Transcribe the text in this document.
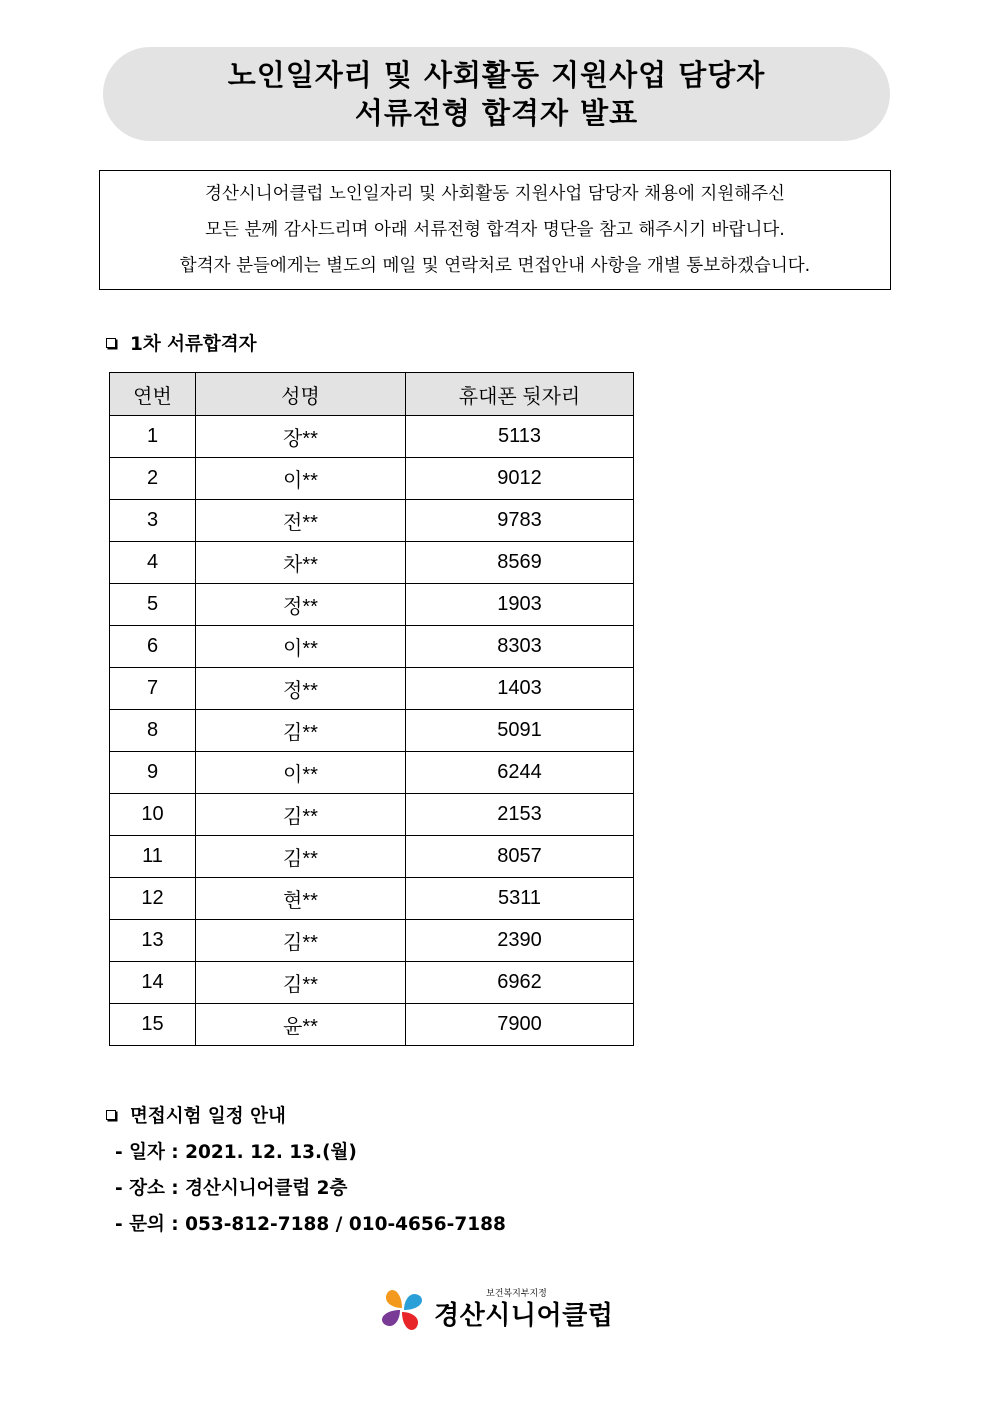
노인일자리 및 사회활동 지원사업 담당자
서류전형 합격자 발표
경산시니어클럽 노인일자리 및 사회활동 지원사업 담당자 채용에 지원해주신
모든 분께 감사드리며 아래 서류전형 합격자 명단을 참고 해주시기 바랍니다.
합격자 분들에게는 별도의 메일 및 연락처로 면접안내 사항을 개별 통보하겠습니다.
1차 서류합격자
연번	성명	휴대폰 뒷자리
1	장**	5113
2	이**	9012
3	전**	9783
4	차**	8569
5	정**	1903
6	이**	8303
7	정**	1403
8	김**	5091
9	이**	6244
10	김**	2153
11	김**	8057
12	현**	5311
13	김**	2390
14	김**	6962
15	윤**	7900
면접시험 일정 안내
- 일자 : 2021. 12. 13.(월)
- 장소 : 경산시니어클럽 2층
- 문의 : 053-812-7188 / 010-4656-7188
보건복지부지정
경산시니어클럽
